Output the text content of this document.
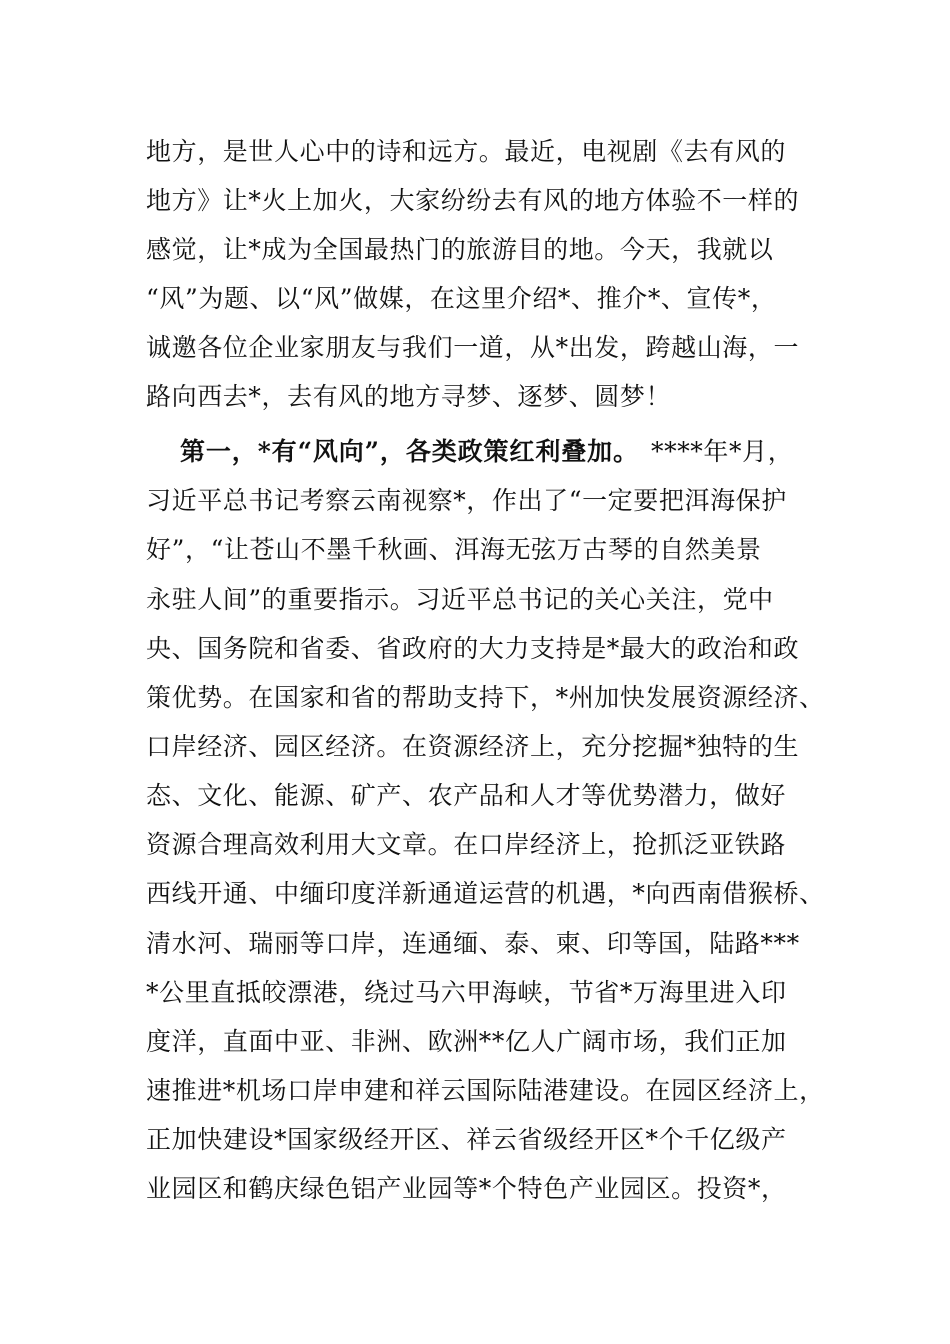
地方，是世人心中的诗和远方。最近，电视剧《去有风的
地方》让*火上加火，大家纷纷去有风的地方体验不一样的
感觉，让*成为全国最热门的旅游目的地。今天，我就以
“风”为题、以“风”做媒，在这里介绍*、推介*、宣传*，
诚邀各位企业家朋友与我们一道，从*出发，跨越山海，一
路向西去*，去有风的地方寻梦、逐梦、圆梦！
第一，*有“风向”，各类政策红利叠加。 ****年*月，
习近平总书记考察云南视察*，作出了“一定要把洱海保护
好”，“让苍山不墨千秋画、洱海无弦万古琴的自然美景
永驻人间”的重要指示。习近平总书记的关心关注，党中
央、国务院和省委、省政府的大力支持是*最大的政治和政
策优势。在国家和省的帮助支持下，*州加快发展资源经济、
口岸经济、园区经济。在资源经济上，充分挖掘*独特的生
态、文化、能源、矿产、农产品和人才等优势潜力，做好
资源合理高效利用大文章。在口岸经济上，抢抓泛亚铁路
西线开通、中缅印度洋新通道运营的机遇，*向西南借猴桥、
清水河、瑞丽等口岸，连通缅、泰、柬、印等国，陆路***
*公里直抵皎漂港，绕过马六甲海峡，节省*万海里进入印
度洋，直面中亚、非洲、欧洲**亿人广阔市场，我们正加
速推进*机场口岸申建和祥云国际陆港建设。在园区经济上，
正加快建设*国家级经开区、祥云省级经开区*个千亿级产
业园区和鹤庆绿色铝产业园等*个特色产业园区。投资*，
